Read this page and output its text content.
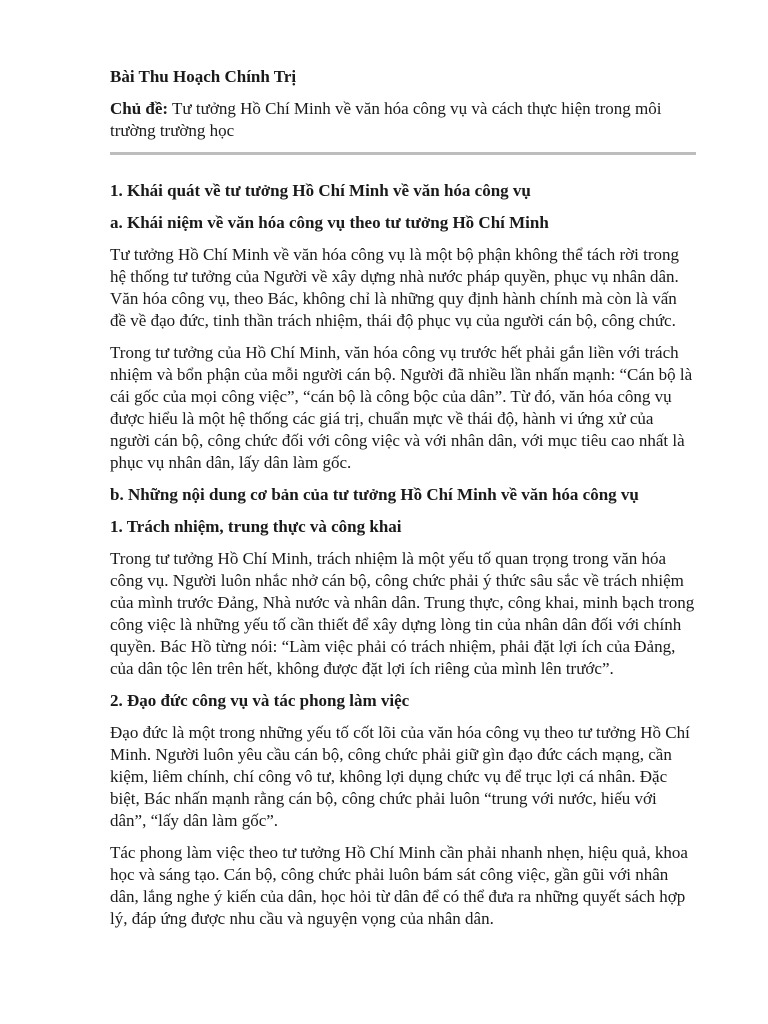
Bài Thu Hoạch Chính Trị

Chủ đề: Tư tưởng Hồ Chí Minh về văn hóa công vụ và cách thực hiện trong môi trường trường học

1. Khái quát về tư tưởng Hồ Chí Minh về văn hóa công vụ

a. Khái niệm về văn hóa công vụ theo tư tưởng Hồ Chí Minh

Tư tưởng Hồ Chí Minh về văn hóa công vụ là một bộ phận không thể tách rời trong hệ thống tư tưởng của Người về xây dựng nhà nước pháp quyền, phục vụ nhân dân. Văn hóa công vụ, theo Bác, không chỉ là những quy định hành chính mà còn là vấn đề về đạo đức, tinh thần trách nhiệm, thái độ phục vụ của người cán bộ, công chức.

Trong tư tưởng của Hồ Chí Minh, văn hóa công vụ trước hết phải gắn liền với trách nhiệm và bổn phận của mỗi người cán bộ. Người đã nhiều lần nhấn mạnh: “Cán bộ là cái gốc của mọi công việc”, “cán bộ là công bộc của dân”. Từ đó, văn hóa công vụ được hiểu là một hệ thống các giá trị, chuẩn mực về thái độ, hành vi ứng xử của người cán bộ, công chức đối với công việc và với nhân dân, với mục tiêu cao nhất là phục vụ nhân dân, lấy dân làm gốc.

b. Những nội dung cơ bản của tư tưởng Hồ Chí Minh về văn hóa công vụ

1. Trách nhiệm, trung thực và công khai

Trong tư tưởng Hồ Chí Minh, trách nhiệm là một yếu tố quan trọng trong văn hóa công vụ. Người luôn nhắc nhở cán bộ, công chức phải ý thức sâu sắc về trách nhiệm của mình trước Đảng, Nhà nước và nhân dân. Trung thực, công khai, minh bạch trong công việc là những yếu tố cần thiết để xây dựng lòng tin của nhân dân đối với chính quyền. Bác Hồ từng nói: “Làm việc phải có trách nhiệm, phải đặt lợi ích của Đảng, của dân tộc lên trên hết, không được đặt lợi ích riêng của mình lên trước”.

2. Đạo đức công vụ và tác phong làm việc

Đạo đức là một trong những yếu tố cốt lõi của văn hóa công vụ theo tư tưởng Hồ Chí Minh. Người luôn yêu cầu cán bộ, công chức phải giữ gìn đạo đức cách mạng, cần kiệm, liêm chính, chí công vô tư, không lợi dụng chức vụ để trục lợi cá nhân. Đặc biệt, Bác nhấn mạnh rằng cán bộ, công chức phải luôn “trung với nước, hiếu với dân”, “lấy dân làm gốc”.

Tác phong làm việc theo tư tưởng Hồ Chí Minh cần phải nhanh nhẹn, hiệu quả, khoa học và sáng tạo. Cán bộ, công chức phải luôn bám sát công việc, gần gũi với nhân dân, lắng nghe ý kiến của dân, học hỏi từ dân để có thể đưa ra những quyết sách hợp lý, đáp ứng được nhu cầu và nguyện vọng của nhân dân.
